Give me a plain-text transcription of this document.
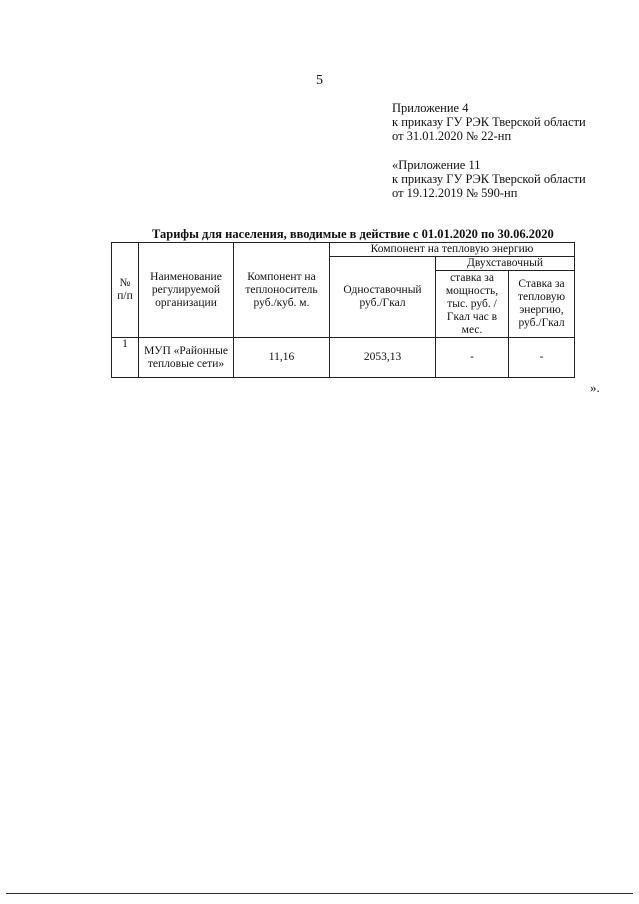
5
Приложение 4
к приказу ГУ РЭК Тверской области
от 31.01.2020 № 22-нп
«Приложение 11
к приказу ГУ РЭК Тверской области
от 19.12.2019 № 590-нп
Тарифы для населения, вводимые в действие с 01.01.2020 по 30.06.2020
№ п/п	Наименование регулируемой организации	Компонент на теплоноситель руб./куб. м.	Компонент на тепловую энергию		
			Одноставочный руб./Гкал	Двухставочный	
				ставка за мощность, тыс. руб. /Гкал час в мес.	Ставка за тепловую энергию, руб./Гкал
1	МУП «Районные тепловые сети»	11,16	2053,13	-	-
».
